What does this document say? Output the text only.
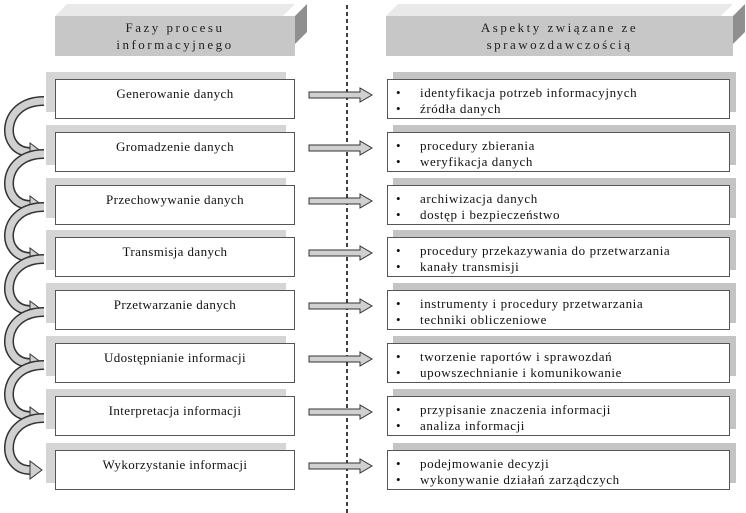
Fazy procesu
informacyjnego
Aspekty związane ze
sprawozdawczością
Generowanie danych	• identyfikacja potrzeb informacyjnych
• źródła danych
Gromadzenie danych	• procedury zbierania
• weryfikacja danych
Przechowywanie danych	• archiwizacja danych
• dostęp i bezpieczeństwo
Transmisja danych	• procedury przekazywania do przetwarzania
• kanały transmisji
Przetwarzanie danych	• instrumenty i procedury przetwarzania
• techniki obliczeniowe
Udostępnianie informacji	• tworzenie raportów i sprawozdań
• upowszechnianie i komunikowanie
Interpretacja informacji	• przypisanie znaczenia informacji
• analiza informacji
Wykorzystanie informacji	• podejmowanie decyzji
• wykonywanie działań zarządczych
